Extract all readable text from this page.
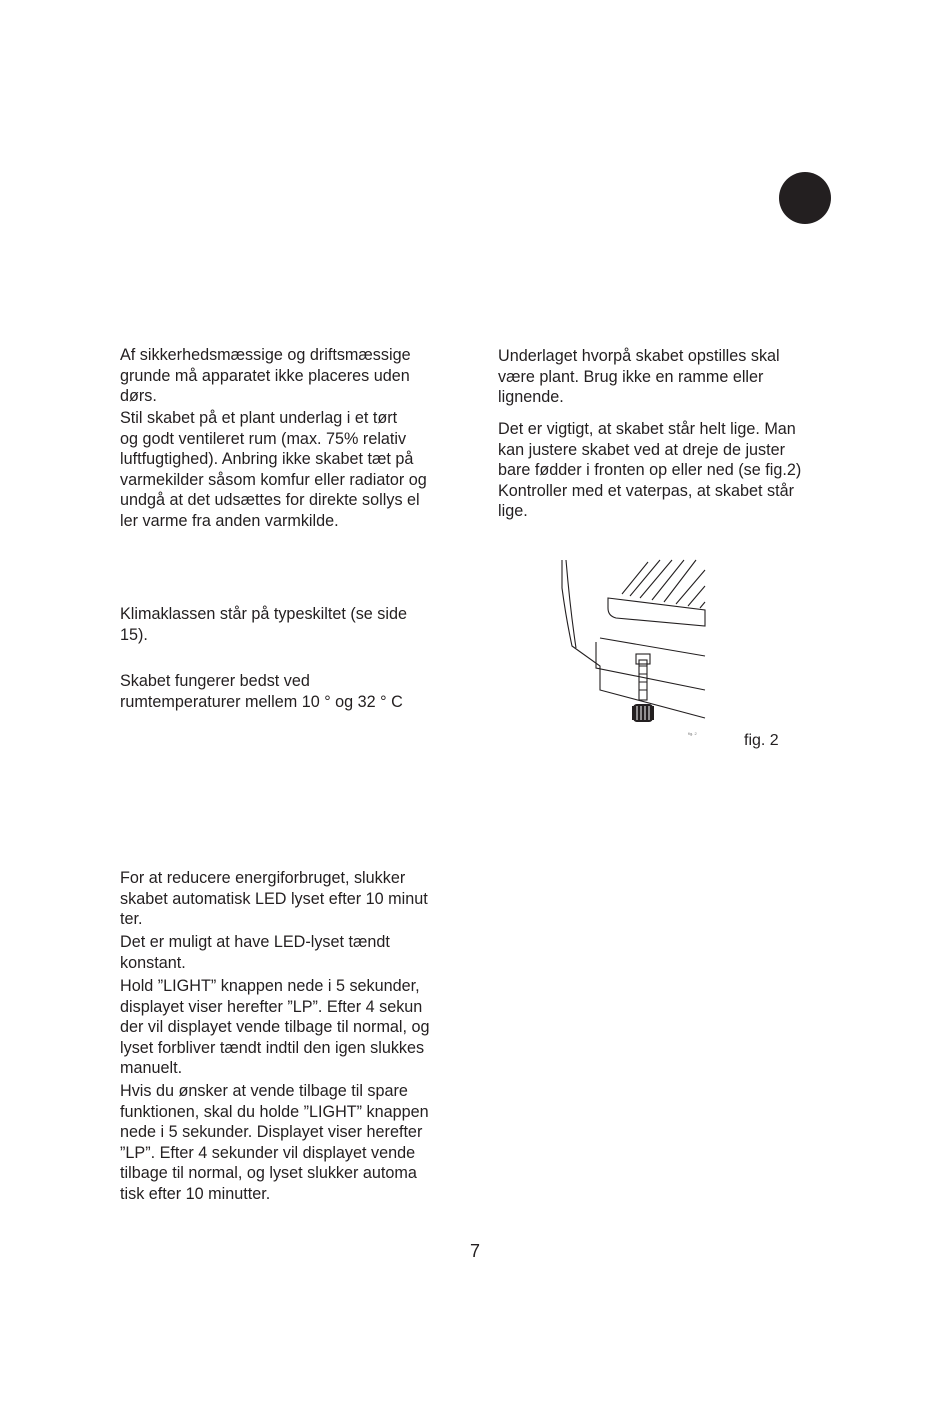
Af sikkerhedsmæssige og driftsmæssige
grunde må apparatet ikke placeres uden
dørs.

Stil skabet på et plant underlag i et tørt
og godt ventileret rum (max. 75% relativ
luftfugtighed). Anbring ikke skabet tæt på
varmekilder såsom komfur eller radiator og
undgå at det udsættes for direkte sollys el
ler varme fra anden varmkilde.

Klimaklassen står på typeskiltet (se side
15).

Skabet fungerer bedst ved
rumtemperaturer mellem 10 ° og 32 ° C

For at reducere energiforbruget, slukker
skabet automatisk LED lyset efter 10 minut
ter.

Det er muligt at have LED-lyset tændt
konstant.

Hold ”LIGHT” knappen nede i 5 sekunder,
displayet viser herefter ”LP”. Efter 4 sekun
der vil displayet vende tilbage til normal, og
lyset forbliver tændt indtil den igen slukkes
manuelt.

Hvis du ønsker at vende tilbage til spare
funktionen, skal du holde ”LIGHT” knappen
nede i 5 sekunder. Displayet viser herefter
”LP”. Efter 4 sekunder vil displayet vende
tilbage til normal, og lyset slukker automa
tisk efter 10 minutter.

Underlaget hvorpå skabet opstilles skal
være plant. Brug ikke en ramme eller
lignende.

Det er vigtigt, at skabet står helt lige. Man
kan justere skabet ved at dreje de juster
bare fødder i fronten op eller ned (se fig.2)
Kontroller med et vaterpas, at skabet står
lige.

fig. 2	fig. 2
7
